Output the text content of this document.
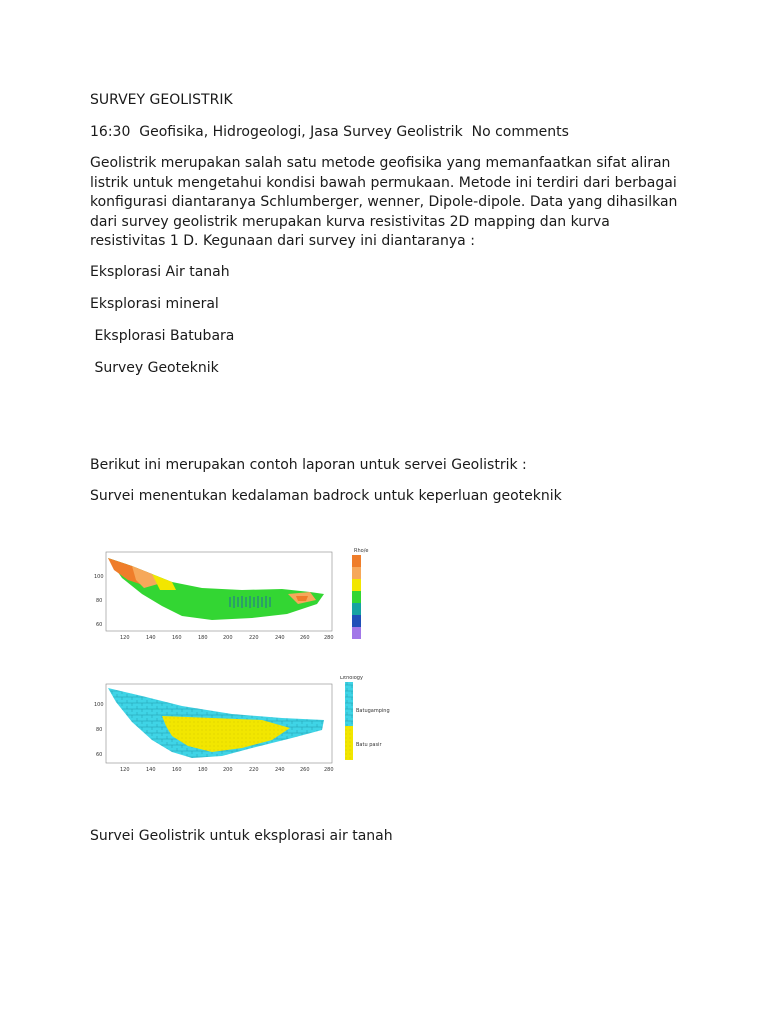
SURVEY GEOLISTRIK
16:30 Geofisika, Hidrogeologi, Jasa Survey Geolistrik No comments
Geolistrik merupakan salah satu metode geofisika yang memanfaatkan sifat aliran
listrik untuk mengetahui kondisi bawah permukaan. Metode ini terdiri dari berbagai
konfigurasi diantaranya Schlumberger, wenner, Dipole-dipole. Data yang dihasilkan
dari survey geolistrik merupakan kurva resistivitas 2D mapping dan kurva
resistivitas 1 D. Kegunaan dari survey ini diantaranya :
Eksplorasi Air tanah
Eksplorasi mineral
Eksplorasi Batubara
Survey Geoteknik
Berikut ini merupakan contoh laporan untuk servei Geolistrik :
Survei menentukan kedalaman badrock untuk keperluan geoteknik
100
80
60
120	140	160	180	200	220	240	260	280
Rho/e
100
80
60
120	140	160	180	200	220	240	260	280
Lithology
Batugamping
Batu pasir
Survei Geolistrik untuk eksplorasi air tanah
